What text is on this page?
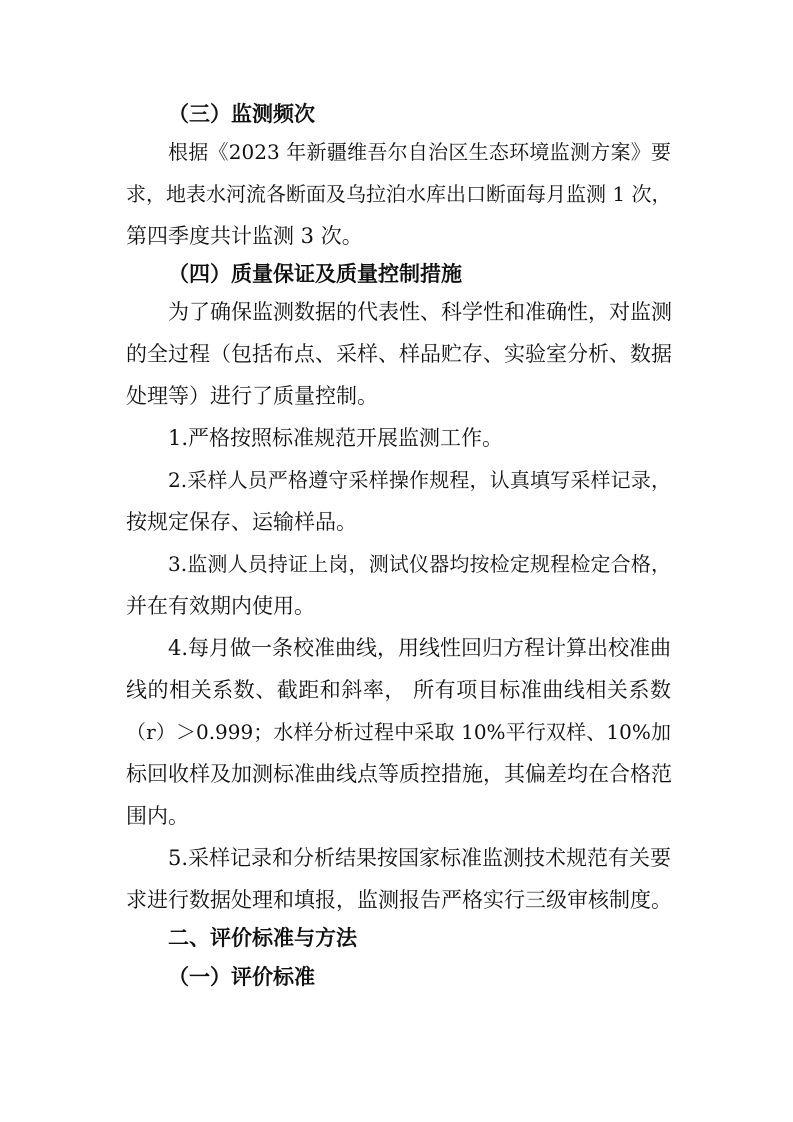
（三）监测频次
根据《2023 年新疆维吾尔自治区生态环境监测方案》要
求，地表水河流各断面及乌拉泊水库出口断面每月监测 1 次，
第四季度共计监测 3 次。
（四）质量保证及质量控制措施
为了确保监测数据的代表性、科学性和准确性，对监测
的全过程（包括布点、采样、样品贮存、实验室分析、数据
处理等）进行了质量控制。
1.严格按照标准规范开展监测工作。
2.采样人员严格遵守采样操作规程，认真填写采样记录，
按规定保存、运输样品。
3.监测人员持证上岗，测试仪器均按检定规程检定合格，
并在有效期内使用。
4.每月做一条校准曲线，用线性回归方程计算出校准曲
线的相关系数、截距和斜率， 所有项目标准曲线相关系数
（r）＞0.999；水样分析过程中采取 10%平行双样、10%加
标回收样及加测标准曲线点等质控措施，其偏差均在合格范
围内。
5.采样记录和分析结果按国家标准监测技术规范有关要
求进行数据处理和填报，监测报告严格实行三级审核制度。
二、评价标准与方法
（一）评价标准
